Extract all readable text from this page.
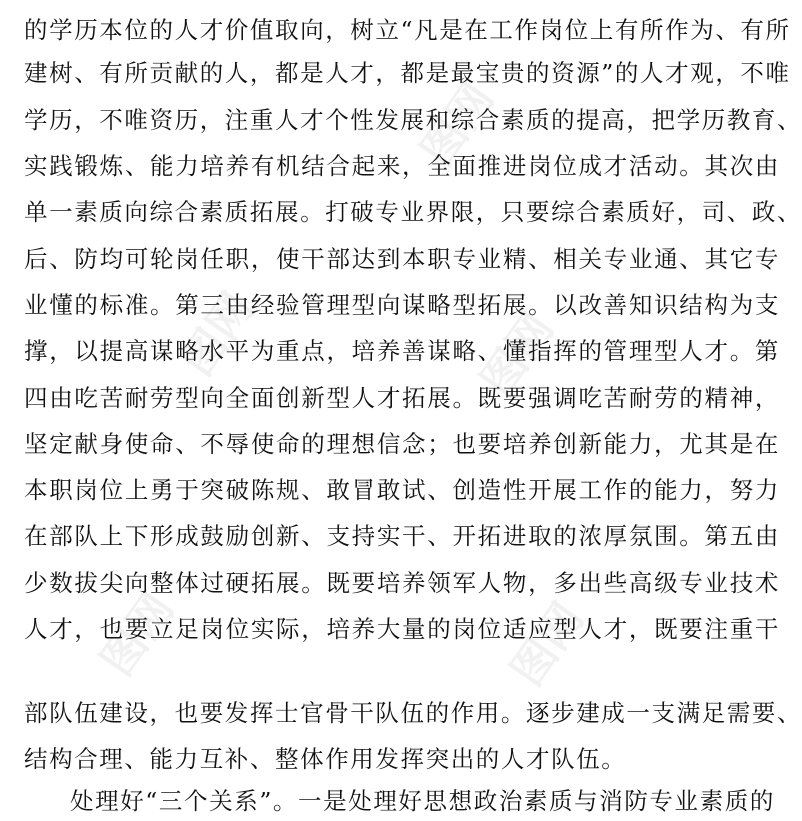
图网
图网
图网
图网	图网
的学历本位的人才价值取向，树立“凡是在工作岗位上有所作为、有所
建树、有所贡献的人，都是人才，都是最宝贵的资源”的人才观，不唯
学历，不唯资历，注重人才个性发展和综合素质的提高，把学历教育、
实践锻炼、能力培养有机结合起来，全面推进岗位成才活动。其次由
单一素质向综合素质拓展。打破专业界限，只要综合素质好，司、政、
后、防均可轮岗任职，使干部达到本职专业精、相关专业通、其它专
业懂的标准。第三由经验管理型向谋略型拓展。以改善知识结构为支
撑，以提高谋略水平为重点，培养善谋略、懂指挥的管理型人才。第
四由吃苦耐劳型向全面创新型人才拓展。既要强调吃苦耐劳的精神，
坚定献身使命、不辱使命的理想信念；也要培养创新能力，尤其是在
本职岗位上勇于突破陈规、敢冒敢试、创造性开展工作的能力，努力
在部队上下形成鼓励创新、支持实干、开拓进取的浓厚氛围。第五由
少数拔尖向整体过硬拓展。既要培养领军人物，多出些高级专业技术
人才，也要立足岗位实际，培养大量的岗位适应型人才，既要注重干
部队伍建设，也要发挥士官骨干队伍的作用。逐步建成一支满足需要、
结构合理、能力互补、整体作用发挥突出的人才队伍。
处理好“三个关系”。一是处理好思想政治素质与消防专业素质的
